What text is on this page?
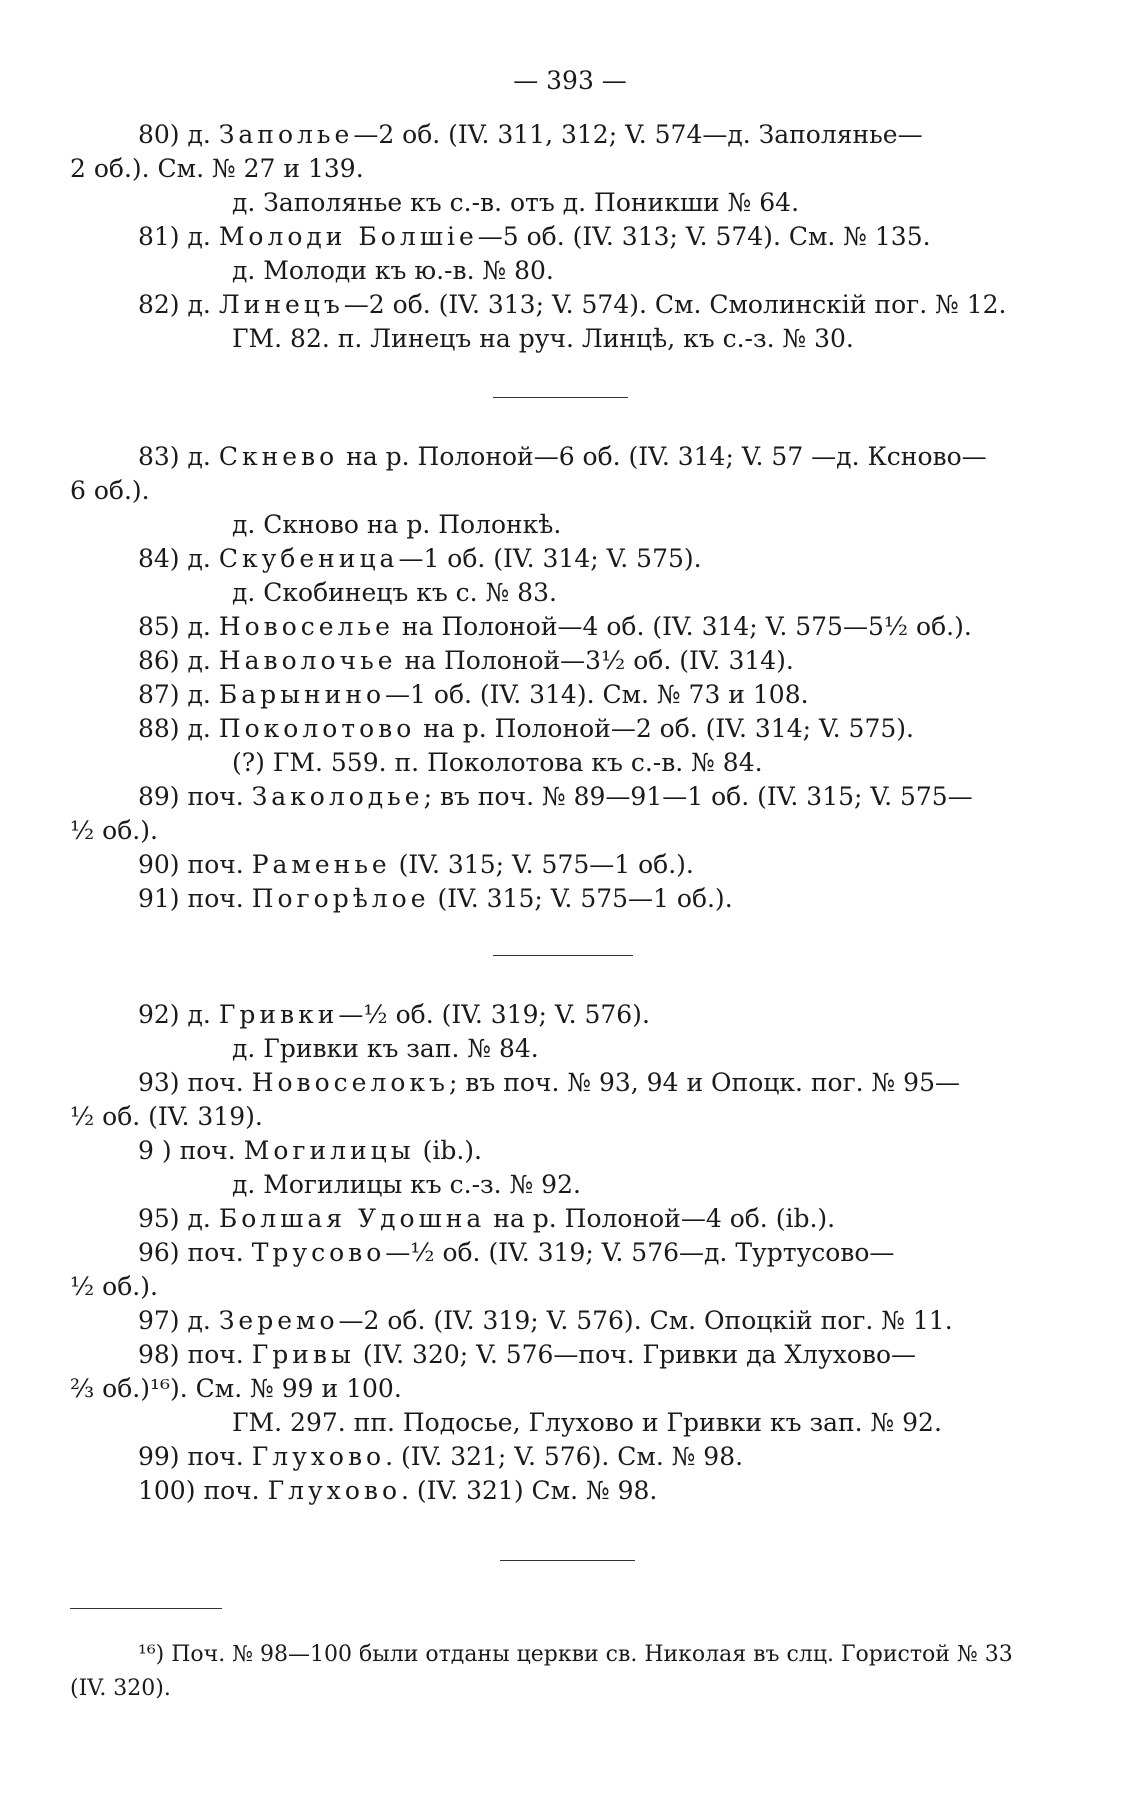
— 393 —
80) д. Заполье—2 об. (IV. 311, 312; V. 574—д. Заполянье—
2 об.). См. № 27 и 139.
д. Заполянье къ с.-в. отъ д. Поникши № 64.
81) д. Молоди Болшіе—5 об. (IV. 313; V. 574). См. № 135.
д. Молоди къ ю.-в. № 80.
82) д. Линецъ—2 об. (IV. 313; V. 574). См. Смолинскій пог. № 12.
ГМ. 82. п. Линецъ на руч. Линцѣ, къ с.-з. № 30.
83) д. Скнево на р. Полоной—6 об. (IV. 314; V. 57 —д. Ксново—
6 об.).
д. Скново на р. Полонкѣ.
84) д. Скубеница—1 об. (IV. 314; V. 575).
д. Скобинецъ къ с. № 83.
85) д. Новоселье на Полоной—4 об. (IV. 314; V. 575—5½ об.).
86) д. Наволочье на Полоной—3½ об. (IV. 314).
87) д. Барынино—1 об. (IV. 314). См. № 73 и 108.
88) д. Поколотово на р. Полоной—2 об. (IV. 314; V. 575).
(?) ГМ. 559. п. Поколотова къ с.-в. № 84.
89) поч. Заколодье; въ поч. № 89—91—1 об. (IV. 315; V. 575—
½ об.).
90) поч. Раменье (IV. 315; V. 575—1 об.).
91) поч. Погорѣлое (IV. 315; V. 575—1 об.).
92) д. Гривки—½ об. (IV. 319; V. 576).
д. Гривки къ зап. № 84.
93) поч. Новоселокъ; въ поч. № 93, 94 и Опоцк. пог. № 95—
½ об. (IV. 319).
9 ) поч. Могилицы (ib.).
д. Могилицы къ с.-з. № 92.
95) д. Болшая Удошна на р. Полоной—4 об. (ib.).
96) поч. Трусово—½ об. (IV. 319; V. 576—д. Туртусово—
½ об.).
97) д. Зеремо—2 об. (IV. 319; V. 576). См. Опоцкій пог. № 11.
98) поч. Гривы (IV. 320; V. 576—поч. Гривки да Хлухово—
⅔ об.)¹⁶). См. № 99 и 100.
ГМ. 297. пп. Подосье, Глухово и Гривки къ зап. № 92.
99) поч. Глухово. (IV. 321; V. 576). См. № 98.
100) поч. Глухово. (IV. 321) См. № 98.
¹⁶) Поч. № 98—100 были отданы церкви св. Николая въ слц. Гористой № 33
(IV. 320).
